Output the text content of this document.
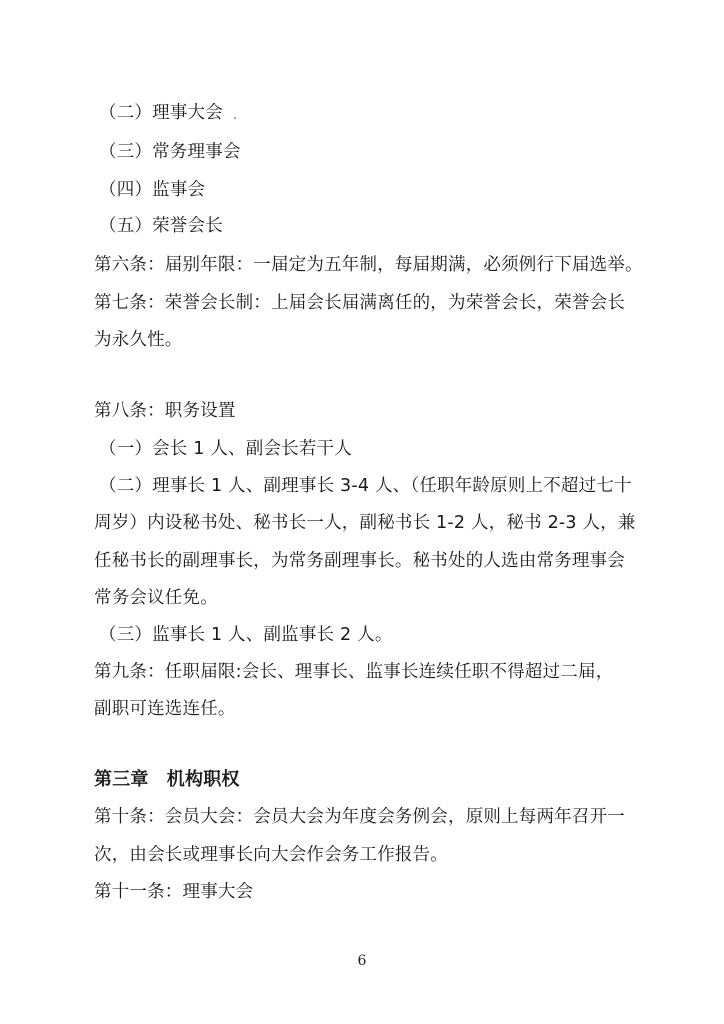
（二）理事大会
（三）常务理事会
（四）监事会
（五）荣誉会长
第六条：届别年限：一届定为五年制，每届期满，必须例行下届选举。
第七条：荣誉会长制：上届会长届满离任的，为荣誉会长，荣誉会长
为永久性。
第八条：职务设置
（一）会长 1 人、副会长若干人
（二）理事长 1 人、副理事长 3-4 人、（任职年龄原则上不超过七十
周岁）内设秘书处、秘书长一人，副秘书长 1-2 人，秘书 2-3 人，兼
任秘书长的副理事长，为常务副理事长。秘书处的人选由常务理事会
常务会议任免。
（三）监事长 1 人、副监事长 2 人。
第九条：任职届限:会长、理事长、监事长连续任职不得超过二届，
副职可连选连任。
第三章　机构职权
第十条：会员大会：会员大会为年度会务例会，原则上每两年召开一
次，由会长或理事长向大会作会务工作报告。
第十一条：理事大会
6
